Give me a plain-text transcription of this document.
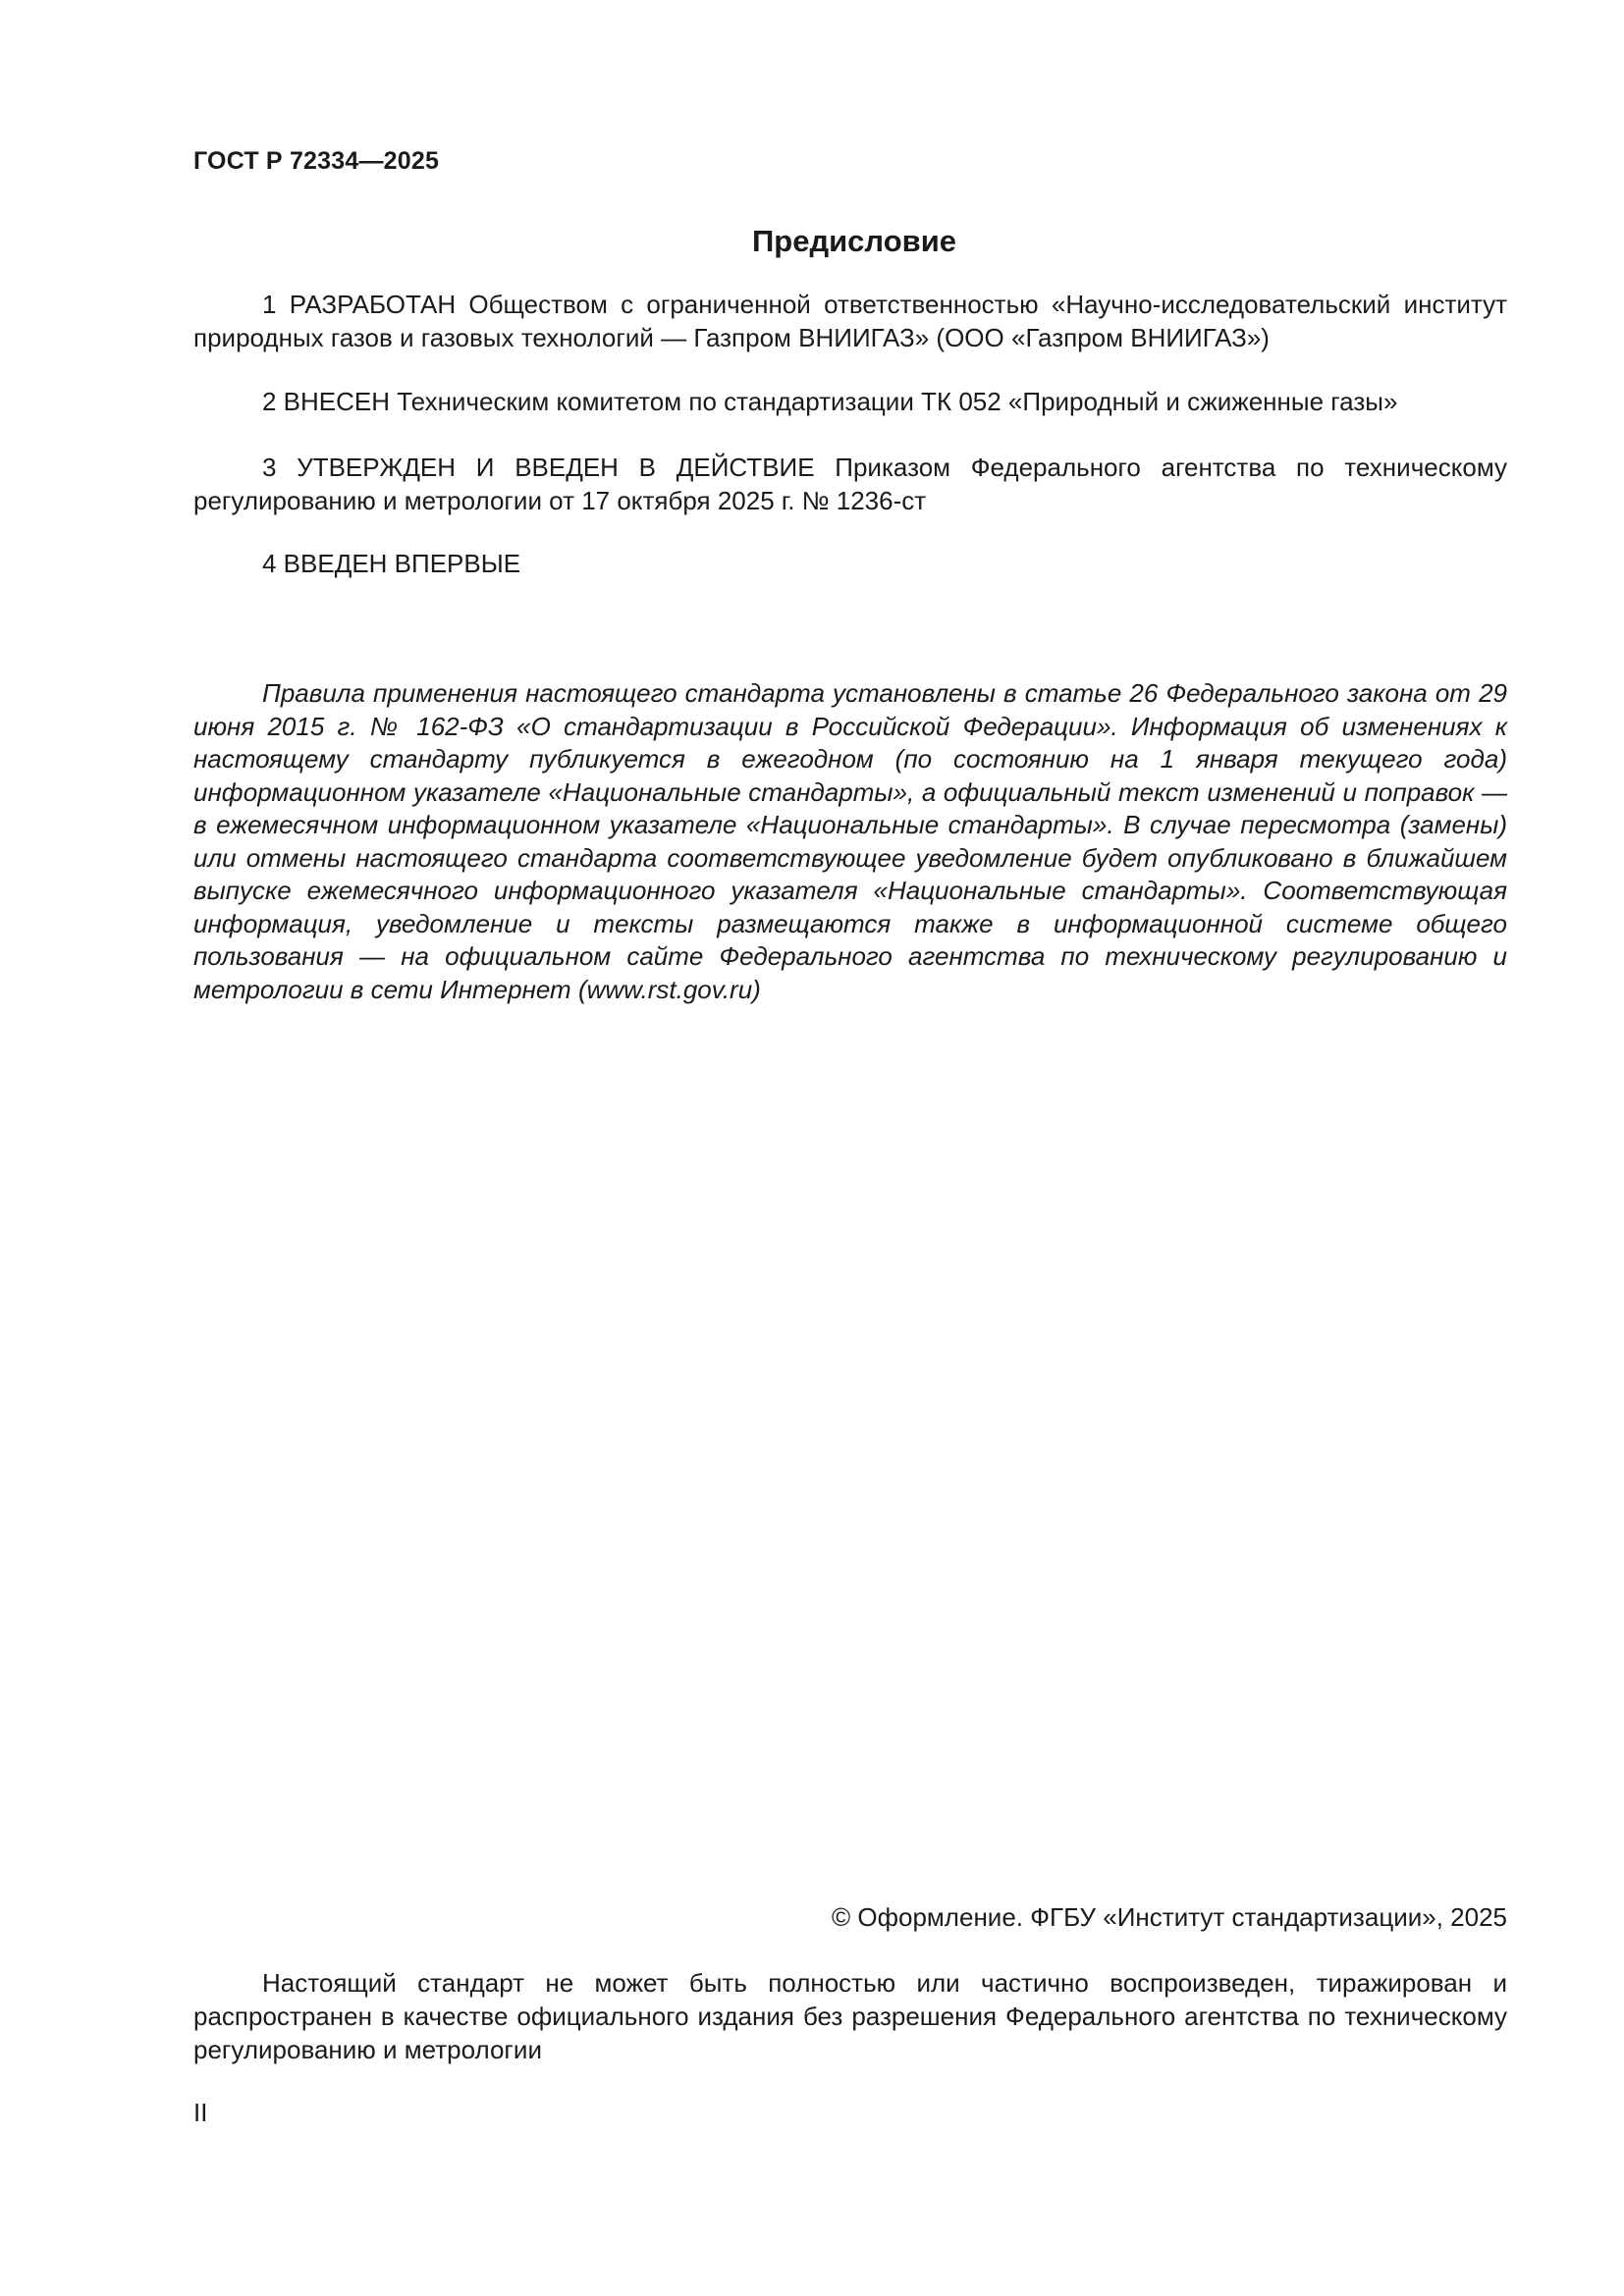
ГОСТ Р 72334—2025
Предисловие
1 РАЗРАБОТАН Обществом с ограниченной ответственностью «Научно-исследовательский институт природных газов и газовых технологий — Газпром ВНИИГАЗ» (ООО «Газпром ВНИИГАЗ»)
2 ВНЕСЕН Техническим комитетом по стандартизации ТК 052 «Природный и сжиженные газы»
3 УТВЕРЖДЕН И ВВЕДЕН В ДЕЙСТВИЕ Приказом Федерального агентства по техническому регулированию и метрологии от 17 октября 2025 г. № 1236-ст
4 ВВЕДЕН ВПЕРВЫЕ
Правила применения настоящего стандарта установлены в статье 26 Федерального закона от 29 июня 2015 г. № 162-ФЗ «О стандартизации в Российской Федерации». Информация об изменениях к настоящему стандарту публикуется в ежегодном (по состоянию на 1 января текущего года) информационном указателе «Национальные стандарты», а официальный текст изменений и поправок — в ежемесячном информационном указателе «Национальные стандарты». В случае пересмотра (замены) или отмены настоящего стандарта соответствующее уведомление будет опубликовано в ближайшем выпуске ежемесячного информационного указателя «Национальные стандарты». Соответствующая информация, уведомление и тексты размещаются также в информационной системе общего пользования — на официальном сайте Федерального агентства по техническому регулированию и метрологии в сети Интернет (www.rst.gov.ru)
© Оформление. ФГБУ «Институт стандартизации», 2025
Настоящий стандарт не может быть полностью или частично воспроизведен, тиражирован и распространен в качестве официального издания без разрешения Федерального агентства по техническому регулированию и метрологии
II
